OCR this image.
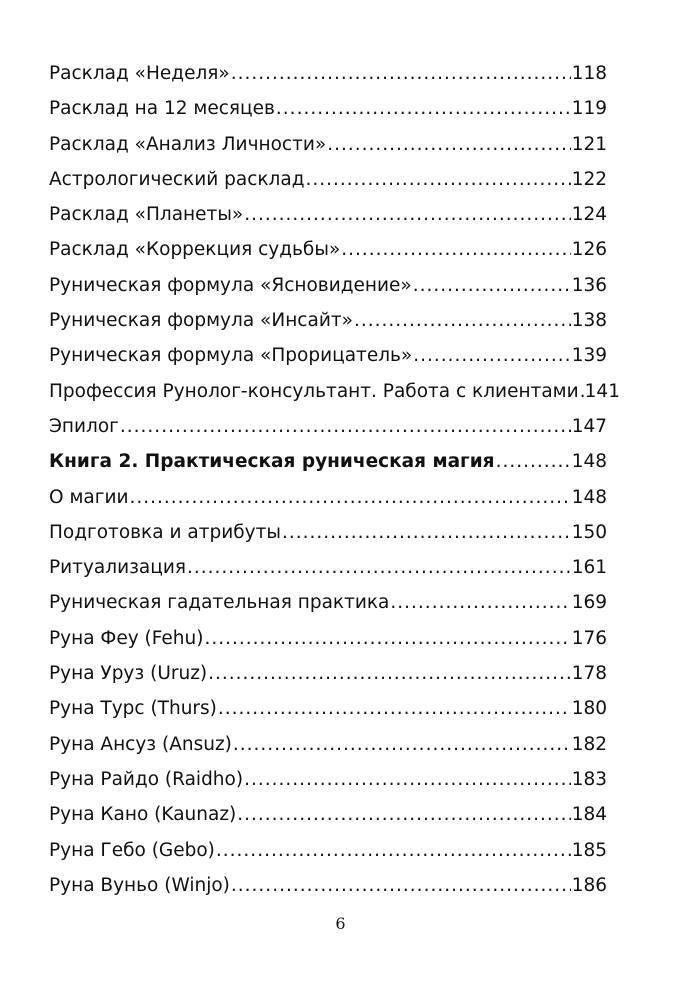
Расклад «Неделя» .....	118
Расклад на 12 месяцев .....	119
Расклад «Анализ Личности» .....	121
Астрологический расклад .....	122
Расклад «Планеты» .....	124
Расклад «Коррекция судьбы» .....	126
Руническая формула «Ясновидение» .....	136
Руническая формула «Инсайт» .....	138
Руническая формула «Прорицатель» .....	139
Профессия Рунолог-консультант. Работа с клиентами ..... 141
Эпилог .....	147
Книга 2. Практическая руническая магия .....	148
О магии .....	148
Подготовка и атрибуты .....	150
Ритуализация .....	161
Руническая гадательная практика .....	169
Руна Феу (Fehu) .....	176
Руна Уруз (Uruz) .....	178
Руна Турс (Thurs) .....	180
Руна Ансуз (Ansuz) .....	182
Руна Райдо (Raidho) .....	183
Руна Кано (Kaunaz) .....	184
Руна Гебо (Gebo) .....	185
Руна Вуньо (Winjo) .....	186
6
